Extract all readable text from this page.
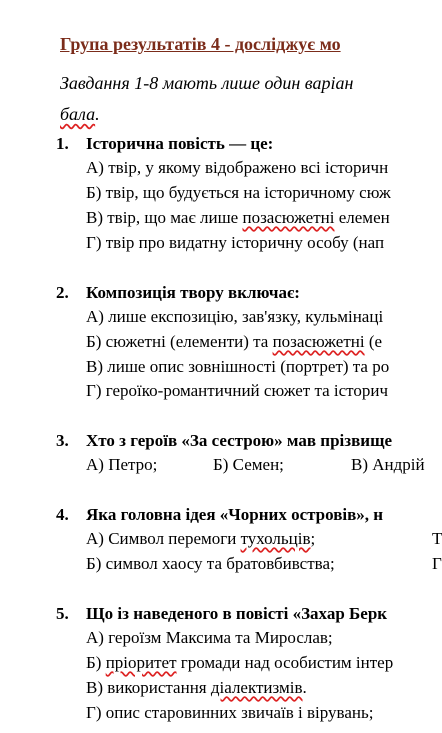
Група результатів 4 - досліджує мо
Завдання 1-8 мають лише один варіан
бала.
1. Історична повість — це:
А) твір, у якому відображено всі історичн
Б) твір, що будується на історичному сюж
В) твір, що має лише позасюжетні елемен
Г) твір про видатну історичну особу (нап
2. Композиція твору включає:
А) лише експозицію, зав'язку, кульмінаці
Б) сюжетні (елементи) та позасюжетні (е
В) лише опис зовнішності (портрет) та ро
Г) героїко-романтичний сюжет та історич
3. Хто з героїв «За сестрою» мав прізвище
А) Петро;	Б) Семен;	В) Андрій
4. Яка головна ідея «Чорних островів», н
А) Символ перемоги тухольців;	Т
Б) символ хаосу та братовбивства;	Г
5. Що із наведеного в повісті «Захар Берк
А) героїзм Максима та Мирослав;
Б) пріоритет громади над особистим інтер
В) використання діалектизмів.
Г) опис старовинних звичаїв і вірувань;
